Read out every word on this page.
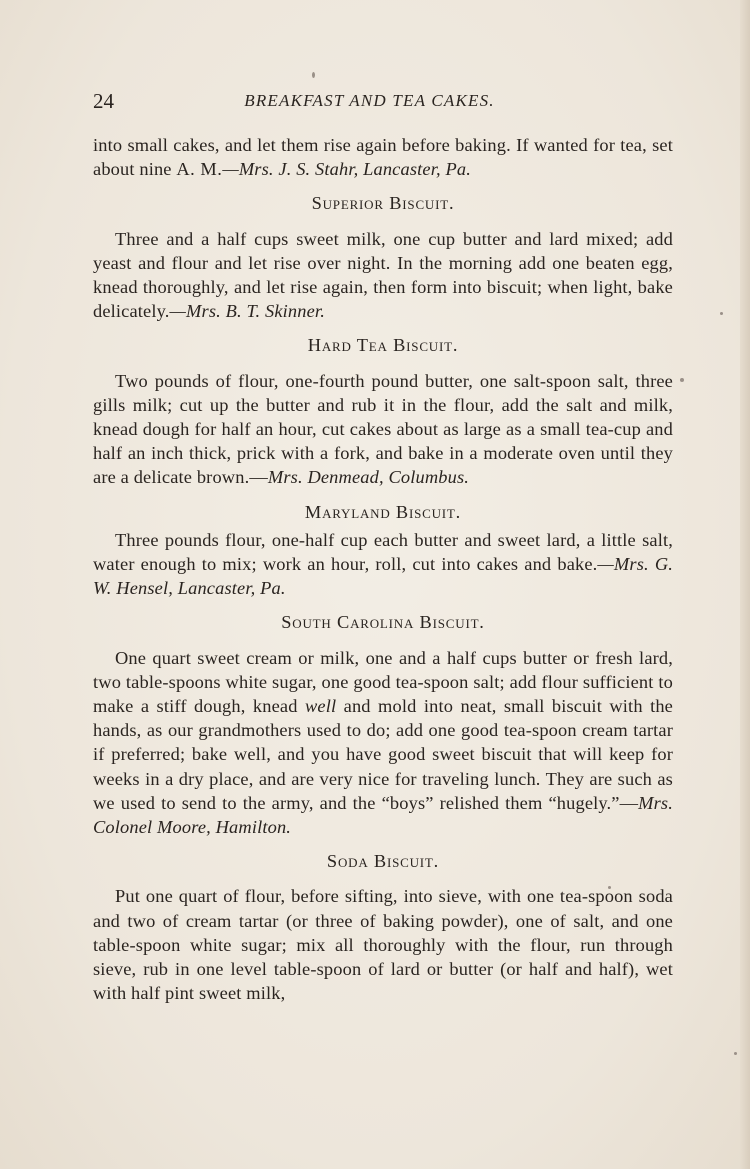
24	BREAKFAST AND TEA CAKES.

into small cakes, and let them rise again before baking. If wanted for tea, set about nine A. M.—Mrs. J. S. Stahr, Lancaster, Pa.

Superior Biscuit.

Three and a half cups sweet milk, one cup butter and lard mixed; add yeast and flour and let rise over night. In the morning add one beaten egg, knead thoroughly, and let rise again, then form into biscuit; when light, bake delicately.—Mrs. B. T. Skinner.

Hard Tea Biscuit.

Two pounds of flour, one-fourth pound butter, one salt-spoon salt, three gills milk; cut up the butter and rub it in the flour, add the salt and milk, knead dough for half an hour, cut cakes about as large as a small tea-cup and half an inch thick, prick with a fork, and bake in a moderate oven until they are a delicate brown.—Mrs. Denmead, Columbus.

Maryland Biscuit.

Three pounds flour, one-half cup each butter and sweet lard, a little salt, water enough to mix; work an hour, roll, cut into cakes and bake.—Mrs. G. W. Hensel, Lancaster, Pa.

South Carolina Biscuit.

One quart sweet cream or milk, one and a half cups butter or fresh lard, two table-spoons white sugar, one good tea-spoon salt; add flour sufficient to make a stiff dough, knead well and mold into neat, small biscuit with the hands, as our grandmothers used to do; add one good tea-spoon cream tartar if preferred; bake well, and you have good sweet biscuit that will keep for weeks in a dry place, and are very nice for traveling lunch. They are such as we used to send to the army, and the “boys” relished them “hugely.”—Mrs. Colonel Moore, Hamilton.

Soda Biscuit.

Put one quart of flour, before sifting, into sieve, with one tea-spoon soda and two of cream tartar (or three of baking powder), one of salt, and one table-spoon white sugar; mix all thoroughly with the flour, run through sieve, rub in one level table-spoon of lard or butter (or half and half), wet with half pint sweet milk,
